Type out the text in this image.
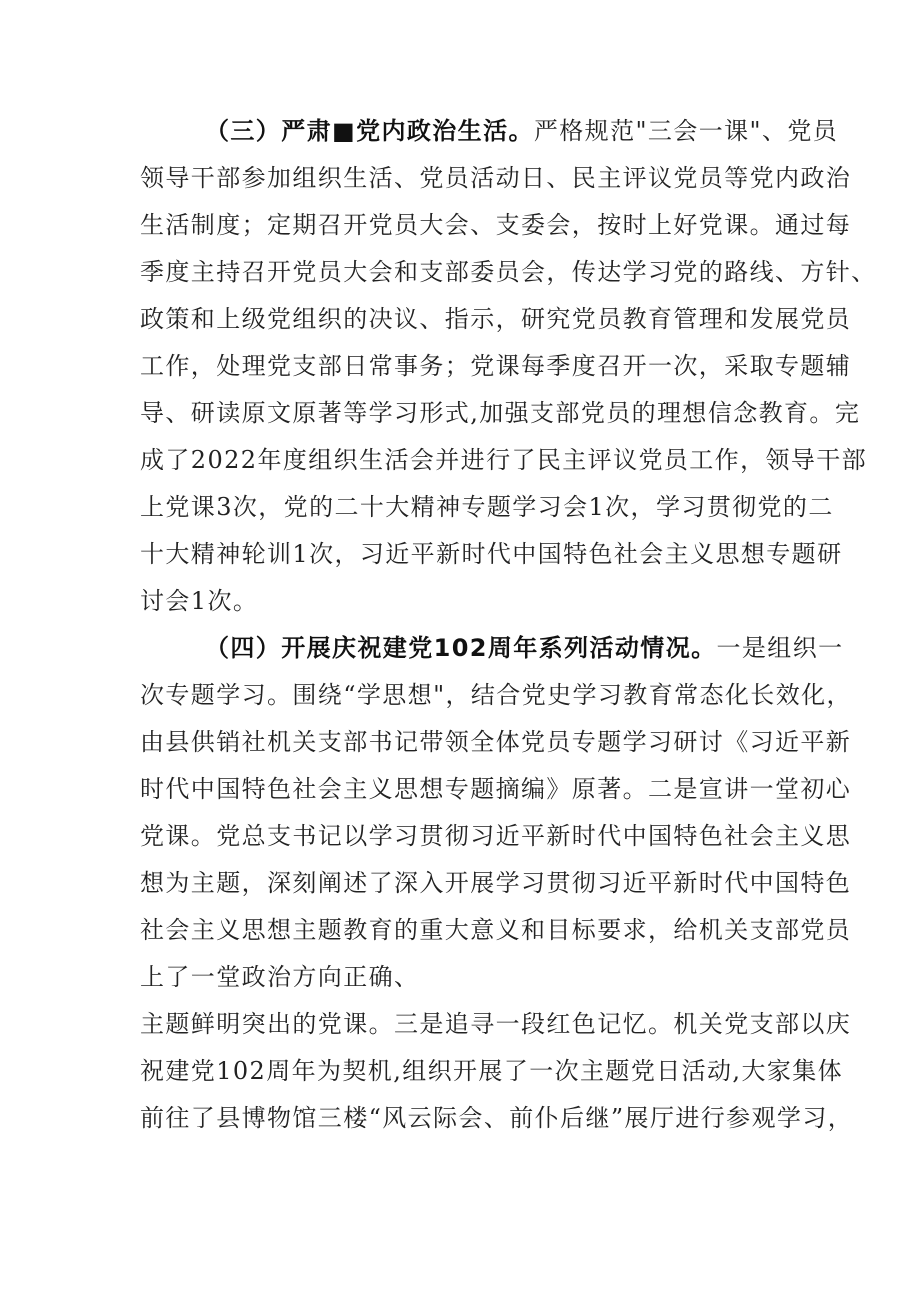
（三）严肃■党内政治生活。严格规范"三会一课"、党员
领导干部参加组织生活、党员活动日、民主评议党员等党内政治
生活制度；定期召开党员大会、支委会，按时上好党课。通过每
季度主持召开党员大会和支部委员会，传达学习党的路线、方针、
政策和上级党组织的决议、指示，研究党员教育管理和发展党员
工作，处理党支部日常事务；党课每季度召开一次，采取专题辅
导、研读原文原著等学习形式,加强支部党员的理想信念教育。完
成了2022年度组织生活会并进行了民主评议党员工作，领导干部
上党课3次，党的二十大精神专题学习会1次，学习贯彻党的二
十大精神轮训1次，习近平新时代中国特色社会主义思想专题研
讨会1次。
（四）开展庆祝建党102周年系列活动情况。一是组织一
次专题学习。围绕“学思想"，结合党史学习教育常态化长效化，
由县供销社机关支部书记带领全体党员专题学习研讨《习近平新
时代中国特色社会主义思想专题摘编》原著。二是宣讲一堂初心
党课。党总支书记以学习贯彻习近平新时代中国特色社会主义思
想为主题，深刻阐述了深入开展学习贯彻习近平新时代中国特色
社会主义思想主题教育的重大意义和目标要求，给机关支部党员
上了一堂政治方向正确、
主题鲜明突出的党课。三是追寻一段红色记忆。机关党支部以庆
祝建党102周年为契机,组织开展了一次主题党日活动,大家集体
前往了县博物馆三楼“风云际会、前仆后继”展厅进行参观学习，
